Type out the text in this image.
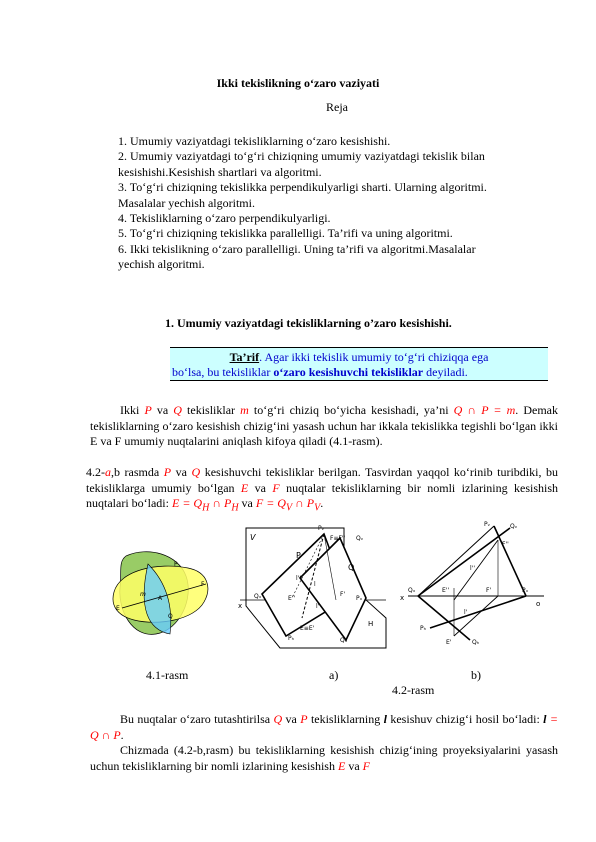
Ikki tekislikning o‘zaro vaziyati
Reja
1. Umumiy vaziyatdagi tekisliklarning o‘zaro kesishishi.
2. Umumiy vaziyatdagi to‘g‘ri chiziqning umumiy vaziyatdagi tekislik bilan
kesishishi.Kesishish shartlari va algoritmi.
3. To‘g‘ri chiziqning tekislikka perpendikulyarligi sharti. Ularning algoritmi.
Masalalar yechish algoritmi.
4. Tekisliklarning o‘zaro perpendikulyarligi.
5. To‘g‘ri chiziqning tekislikka parallelligi. Ta’rifi va uning algoritmi.
6. Ikki tekislikning o‘zaro parallelligi. Uning ta’rifi va algoritmi.Masalalar
yechish algoritmi.
1. Umumiy vaziyatdagi tekisliklarning o’zaro kesishishi.
Ta’rif. Agar ikki tekislik umumiy to‘g‘ri chiziqqa ega
bo‘lsa, bu tekisliklar o‘zaro kesishuvchi tekisliklar deyiladi.
Ikki P va Q tekisliklar m to‘g‘ri chiziq bo‘yicha kesishadi, ya’ni Q ∩ P = m. Demak tekisliklarning o‘zaro kesishish chizig‘ini yasash uchun har ikkala tekislikka tegishli bo‘lgan ikki E va F umumiy nuqtalarini aniqlash kifoya qiladi (4.1-rasm).
4.2-a,b rasmda P va Q kesishuvchi tekisliklar berilgan. Tasvirdan yaqqol ko‘rinib turibdiki, bu tekisliklarga umumiy bo‘lgan E va F nuqtalar tekisliklarning bir nomli izlarining kesishish nuqtalari bo‘ladi: $E = Q_H$ ∩ $P_H$ va $F = Q_V$ ∩ $P_V$.
P
F
m
A
E
Q
V
Pᵥ
F≡F'' Qᵥ
P
Q
l''
l
l'
E''
F'
x
Qₓ	Pₓ
Pₕ
E≡E'
Qₕ
H
Pᵥ	Qᵥ
F''
l''
Qₓ	E''	F'	Pₓ
x
o
l'
Pₕ
E'	Qₕ
4.1-rasm	a)	b)
4.2-rasm
Bu nuqtalar o‘zaro tutashtirilsa Q va P tekisliklarning l kesishuv chizig‘i hosil bo‘ladi: l = Q ∩ P.
Chizmada (4.2-b,rasm) bu tekisliklarning kesishish chizig‘ining proyeksiyalarini yasash uchun tekisliklarning bir nomli izlarining kesishish E va F
